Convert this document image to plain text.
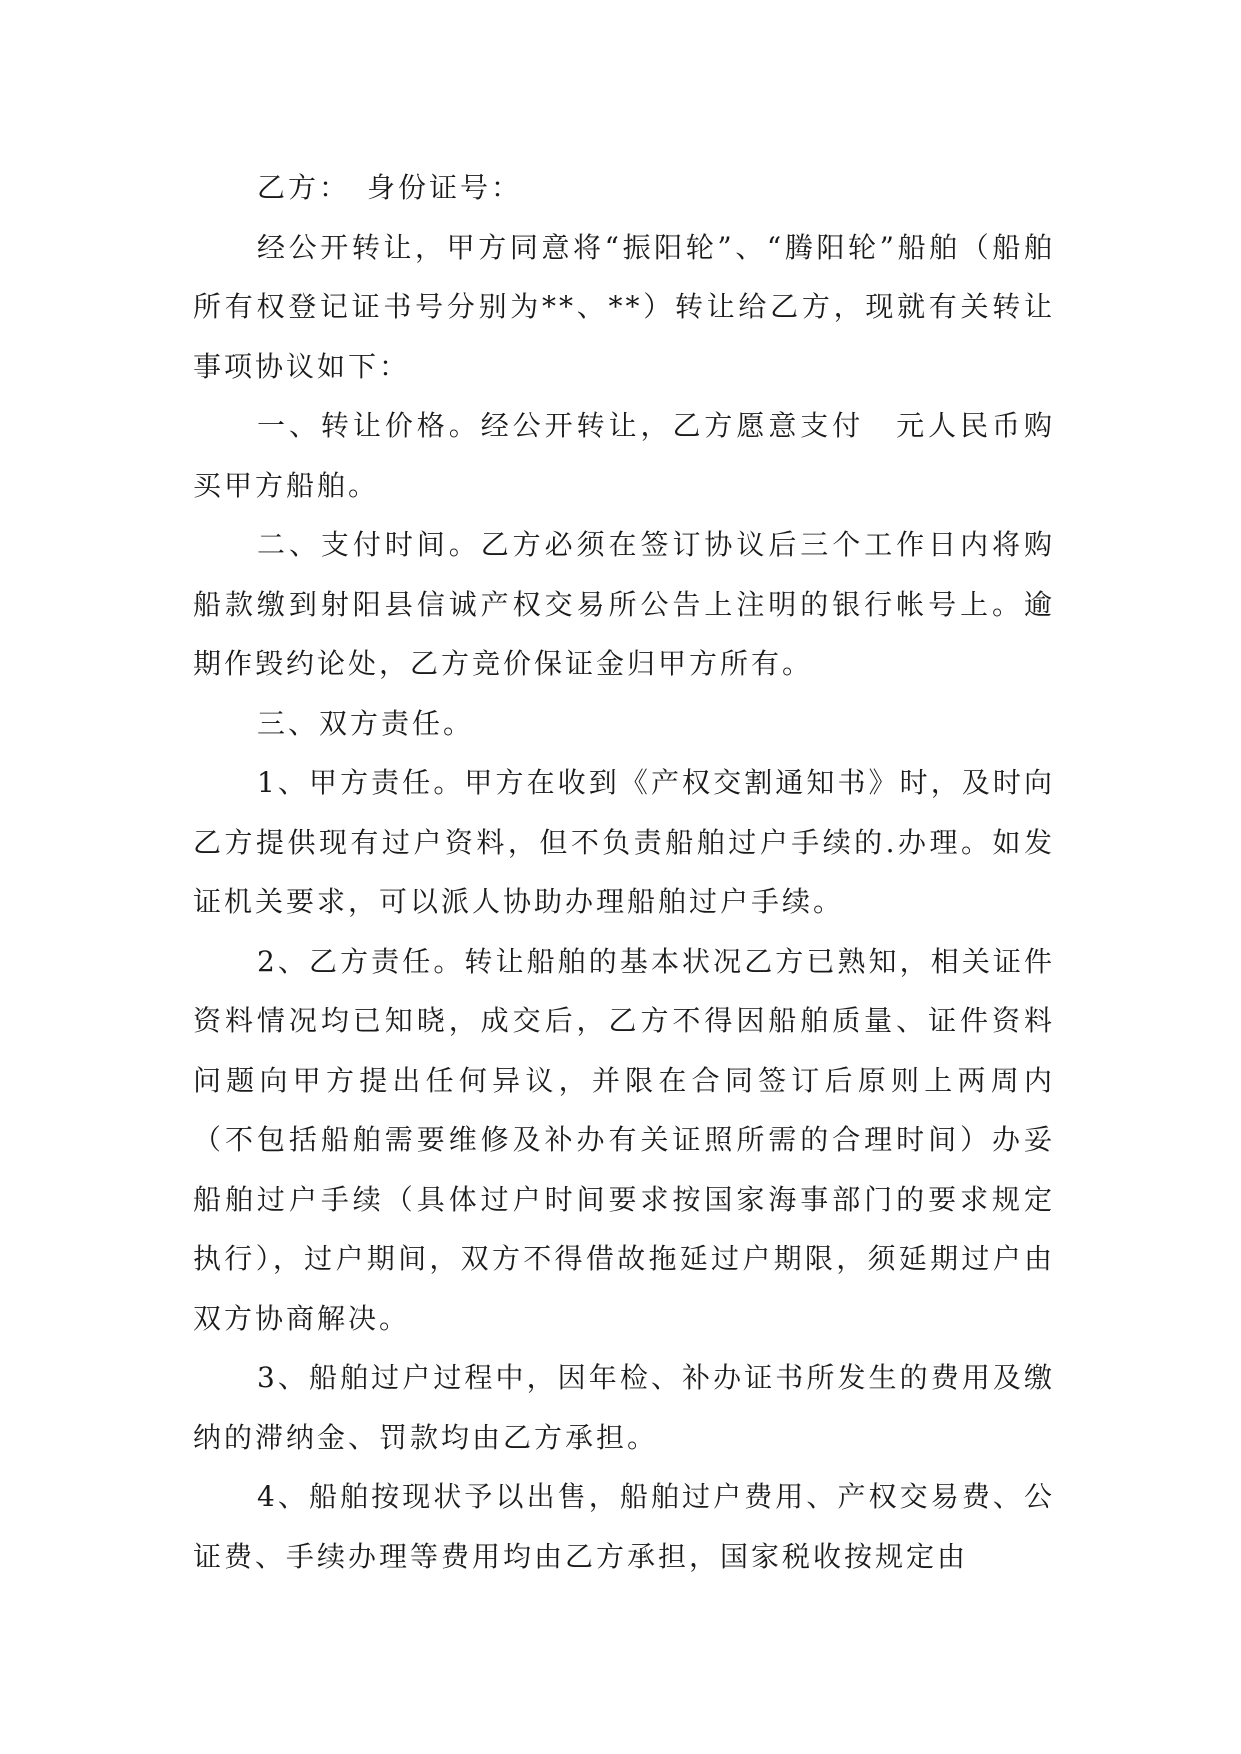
乙方：　身份证号：

经公开转让，甲方同意将“振阳轮”、“腾阳轮”船舶（船舶所有权登记证书号分别为**、**）转让给乙方，现就有关转让事项协议如下：

一、转让价格。经公开转让，乙方愿意支付　元人民币购买甲方船舶。

二、支付时间。乙方必须在签订协议后三个工作日内将购船款缴到射阳县信诚产权交易所公告上注明的银行帐号上。逾期作毁约论处，乙方竞价保证金归甲方所有。

三、双方责任。

1、甲方责任。甲方在收到《产权交割通知书》时，及时向乙方提供现有过户资料，但不负责船舶过户手续的.办理。如发证机关要求，可以派人协助办理船舶过户手续。

2、乙方责任。转让船舶的基本状况乙方已熟知，相关证件资料情况均已知晓，成交后，乙方不得因船舶质量、证件资料问题向甲方提出任何异议，并限在合同签订后原则上两周内（不包括船舶需要维修及补办有关证照所需的合理时间）办妥船舶过户手续（具体过户时间要求按国家海事部门的要求规定执行），过户期间，双方不得借故拖延过户期限，须延期过户由双方协商解决。

3、船舶过户过程中，因年检、补办证书所发生的费用及缴纳的滞纳金、罚款均由乙方承担。

4、船舶按现状予以出售，船舶过户费用、产权交易费、公证费、手续办理等费用均由乙方承担，国家税收按规定由
